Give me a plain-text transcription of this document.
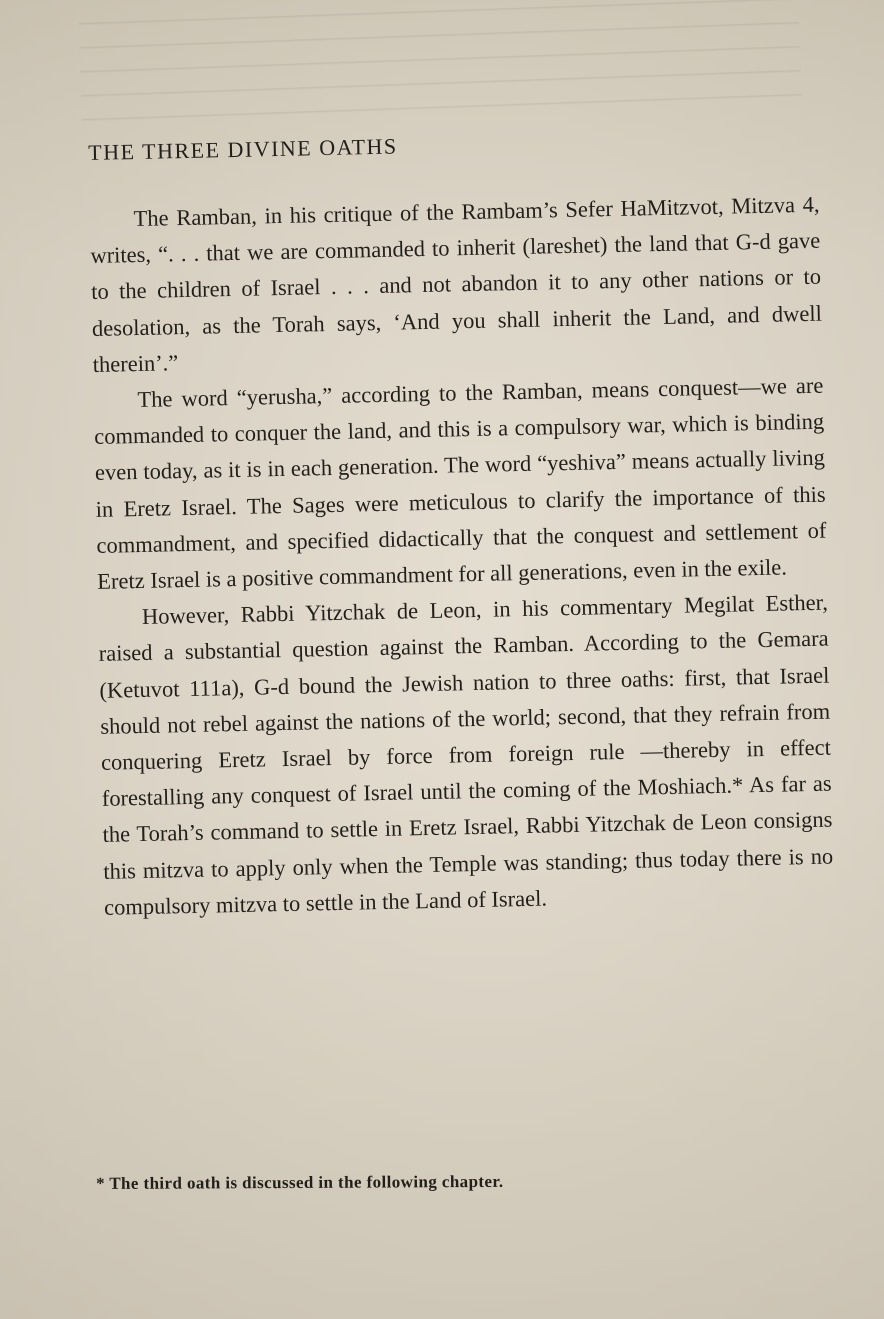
THE THREE DIVINE OATHS

The Ramban, in his critique of the Rambam’s Sefer HaMitzvot, Mitzva 4, writes, “. . . that we are commanded to inherit (lareshet) the land that G-d gave to the children of Israel . . . and not abandon it to any other nations or to desolation, as the Torah says, ‘And you shall inherit the Land, and dwell therein’.”

The word “yerusha,” according to the Ramban, means conquest—we are commanded to conquer the land, and this is a compulsory war, which is binding even today, as it is in each generation. The word “yeshiva” means actually living in Eretz Israel. The Sages were meticulous to clarify the importance of this commandment, and specified didactically that the conquest and settlement of Eretz Israel is a positive commandment for all generations, even in the exile.

However, Rabbi Yitzchak de Leon, in his commentary Megilat Esther, raised a substantial question against the Ramban. According to the Gemara (Ketuvot 111a), G-d bound the Jewish nation to three oaths: first, that Israel should not rebel against the nations of the world; second, that they refrain from conquering Eretz Israel by force from foreign rule —thereby in effect forestalling any conquest of Israel until the coming of the Moshiach.* As far as the Torah’s command to settle in Eretz Israel, Rabbi Yitzchak de Leon consigns this mitzva to apply only when the Temple was standing; thus today there is no compulsory mitzva to settle in the Land of Israel.

* The third oath is discussed in the following chapter.
